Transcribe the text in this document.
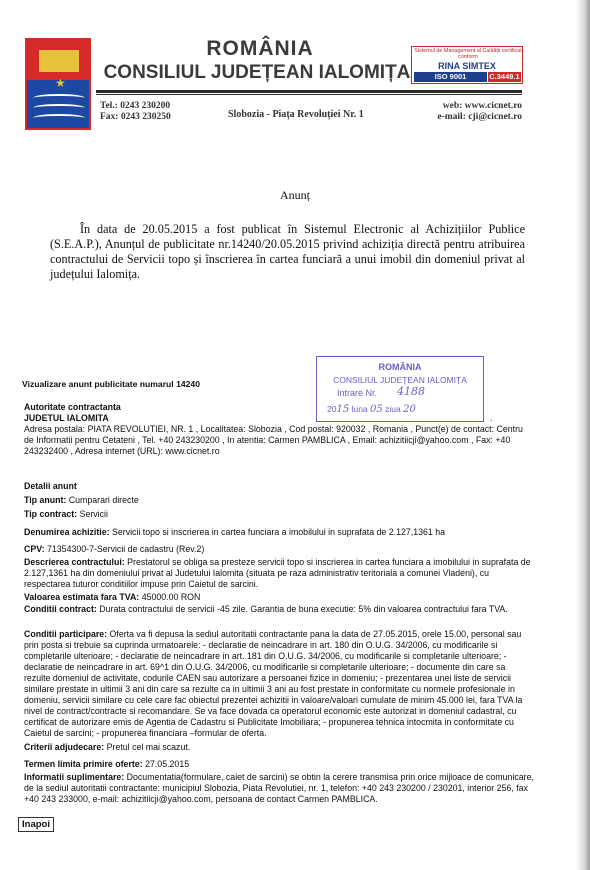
★
ROMÂNIA
CONSILIUL JUDEȚEAN IALOMIȚA
Sistemul de Management al Calității certificat conform
RINA SIMTEX
ISO 9001 REGISTERED
C.3449.1
Tel.: 0243 230200
Fax: 0243 230250	Slobozia - Piața Revoluției Nr. 1
web: www.cicnet.ro
e-mail: cji@cicnet.ro
Anunț
În data de 20.05.2015 a fost publicat în Sistemul Electronic al Achizițiilor Publice (S.E.A.P.), Anunțul de publicitate nr.14240/20.05.2015 privind achiziția directă pentru atribuirea contractului de Servicii topo și înscrierea în cartea funciară a unui imobil din domeniul privat al județului Ialomița.
ROMÂNIA
CONSILIUL JUDEȚEAN IALOMIȚA
Intrare Nr. 4188
2015 luna 05 ziua 20
.
Vizualizare anunt publicitate numarul 14240
Autoritate contractanta
JUDETUL IALOMITA
Adresa postala: PIATA REVOLUTIEI, NR. 1 , Localitatea: Slobozia , Cod postal: 920032 , Romania , Punct(e) de contact: Centru de Informatii pentru Cetateni , Tel. +40 243230200 , In atentia: Carmen PAMBLICA , Email: achizitiicji@yahoo.com , Fax: +40 243232400 , Adresa internet (URL): www.cicnet.ro
Detalii anunt
Tip anunt: Cumparari directe
Tip contract: Servicii
Denumirea achizitie: Servicii topo si inscrierea in cartea funciara a imobilului in suprafata de 2.127,1361 ha
CPV: 71354300-7-Servicii de cadastru (Rev.2)
Descrierea contractului: Prestatorul se obliga sa presteze servicii topo si inscrierea in cartea funciara a imobilului in suprafata de 2.127,1361 ha din domeniului privat al Judetului Ialomita (situata pe raza administrativ teritoriala a comunei Vladeni), cu respectarea tuturor conditiilor impuse prin Caietul de sarcini.
Valoarea estimata fara TVA: 45000.00 RON
Conditii contract: Durata contractului de servicii -45 zile. Garantia de buna executie: 5% din valoarea contractului fara TVA.
Conditii participare: Oferta va fi depusa la sediul autoritatii contractante pana la data de 27.05.2015, orele 15.00, personal sau prin posta si trebuie sa cuprinda urmatoarele: - declaratie de neincadrare in art. 180 din O.U.G. 34/2006, cu modificarile si completarile ulterioare; - declaratie de neincadrare in art. 181 din O.U.G. 34/2006, cu modificarile si completarile ulterioare; - declaratie de neincadrare in art. 69^1 din O.U.G. 34/2006, cu modificarile si completarile ulterioare; - documente din care sa rezulte domeniul de activitate, codurile CAEN sau autorizare a persoanei fizice in domeniu; - prezentarea unei liste de servicii similare prestate in ultimii 3 ani din care sa rezulte ca in ultimii 3 ani au fost prestate in conformitate cu normele profesionale in domeniu, servicii similare cu cele care fac obiectul prezentei achizitii in valoare/valoari cumulate de minim 45.000 lei, fara TVA la nivel de contract/contracte si recomandare. Se va face dovada ca operatorul economic este autorizat in domeniul cadastral, cu certificat de autorizare emis de Agentia de Cadastru si Publicitate Imobiliara; - propunerea tehnica intocmita in conformitate cu Caietul de sarcini; - propunerea financiara –formular de oferta.
Criterii adjudecare: Pretul cel mai scazut.
Termen limita primire oferte: 27.05.2015
Informatii suplimentare: Documentatia(formulare, caiet de sarcini) se obtin la cerere transmisa prin orice mijloace de comunicare, de la sediul autoritatii contractante: municipiul Slobozia, Piata Revolutiei, nr. 1, telefon: +40 243 230200 / 230201, interior 256, fax +40 243 233000, e-mail: achizitiicji@yahoo.com, persoana de contact Carmen PAMBLICA.
Inapoi
